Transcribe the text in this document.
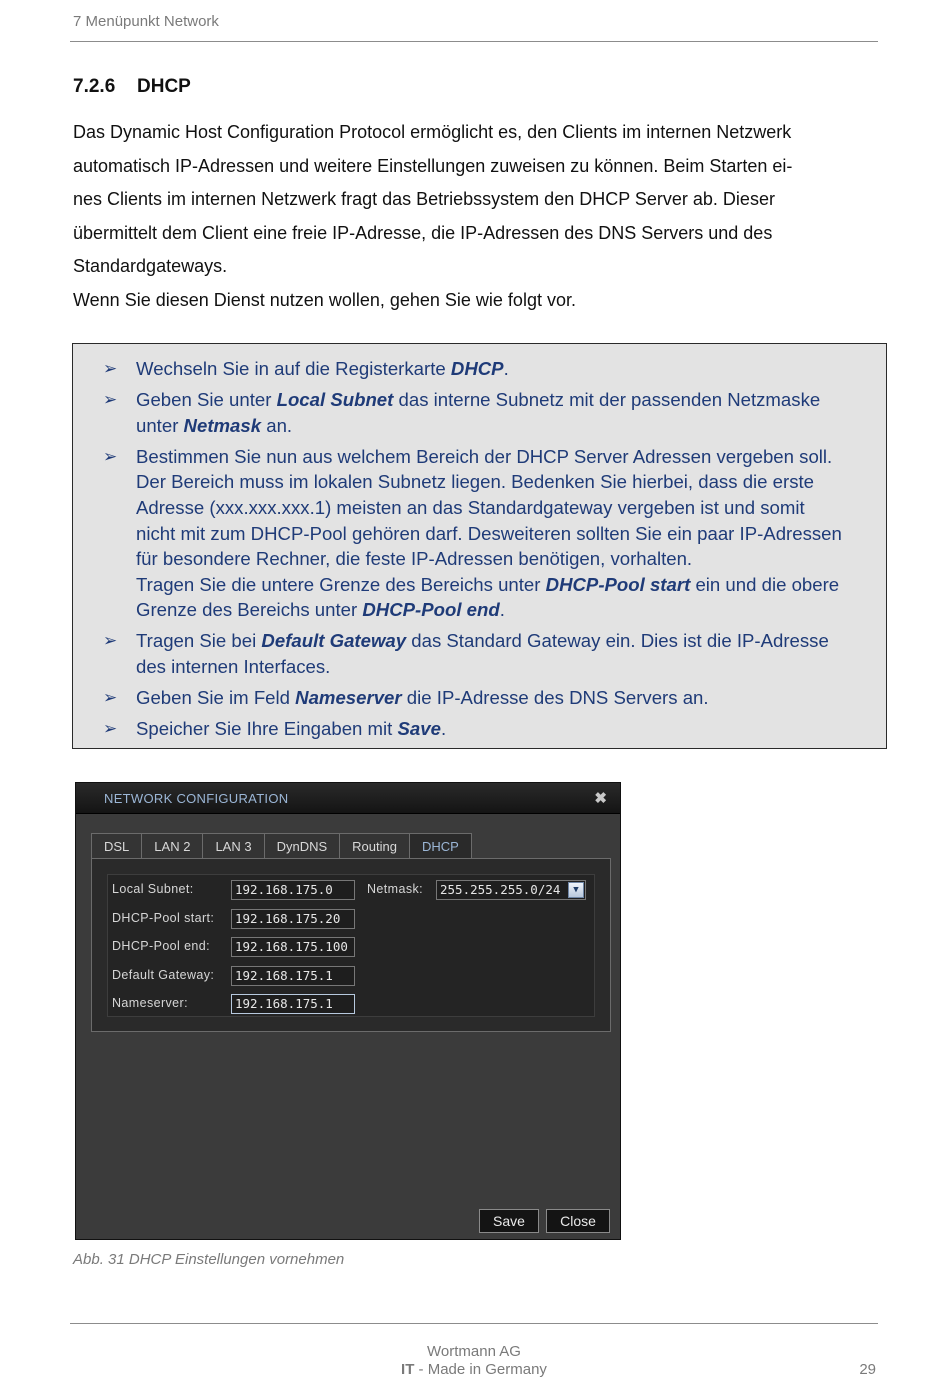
7 Menüpunkt Network
7.2.6 DHCP

Das Dynamic Host Configuration Protocol ermöglicht es, den Clients im internen Netzwerk

automatisch IP-Adressen und weitere Einstellungen zuweisen zu können. Beim Starten ei-

nes Clients im internen Netzwerk fragt das Betriebssystem den DHCP Server ab. Dieser

übermittelt dem Client eine freie IP-Adresse, die IP-Adressen des DNS Servers und des

Standardgateways.

Wenn Sie diesen Dienst nutzen wollen, gehen Sie wie folgt vor.

➢ Wechseln Sie in auf die Registerkarte DHCP.
➢ Geben Sie unter Local Subnet das interne Subnetz mit der passenden Netzmaske
unter Netmask an.
➢ Bestimmen Sie nun aus welchem Bereich der DHCP Server Adressen vergeben soll.
Der Bereich muss im lokalen Subnetz liegen. Bedenken Sie hierbei, dass die erste
Adresse (xxx.xxx.xxx.1) meisten an das Standardgateway vergeben ist und somit
nicht mit zum DHCP-Pool gehören darf. Desweiteren sollten Sie ein paar IP-Adressen
für besondere Rechner, die feste IP-Adressen benötigen, vorhalten.
Tragen Sie die untere Grenze des Bereichs unter DHCP-Pool start ein und die obere
Grenze des Bereichs unter DHCP-Pool end.
➢ Tragen Sie bei Default Gateway das Standard Gateway ein. Dies ist die IP-Adresse
des internen Interfaces.
➢ Geben Sie im Feld Nameserver die IP-Adresse des DNS Servers an.
➢ Speicher Sie Ihre Eingaben mit Save.
NETWORK CONFIGURATION	✖
DSL	LAN 2	LAN 3	DynDNS	Routing	DHCP
Local Subnet:	192.168.175.0	Netmask:	255.255.255.0/24	▼
DHCP-Pool start:	192.168.175.20
DHCP-Pool end:	192.168.175.100
Default Gateway:	192.168.175.1
Nameserver:	192.168.175.1
Save	Close
Abb. 31 DHCP Einstellungen vornehmen
Wortmann AG
IT - Made in Germany	29
